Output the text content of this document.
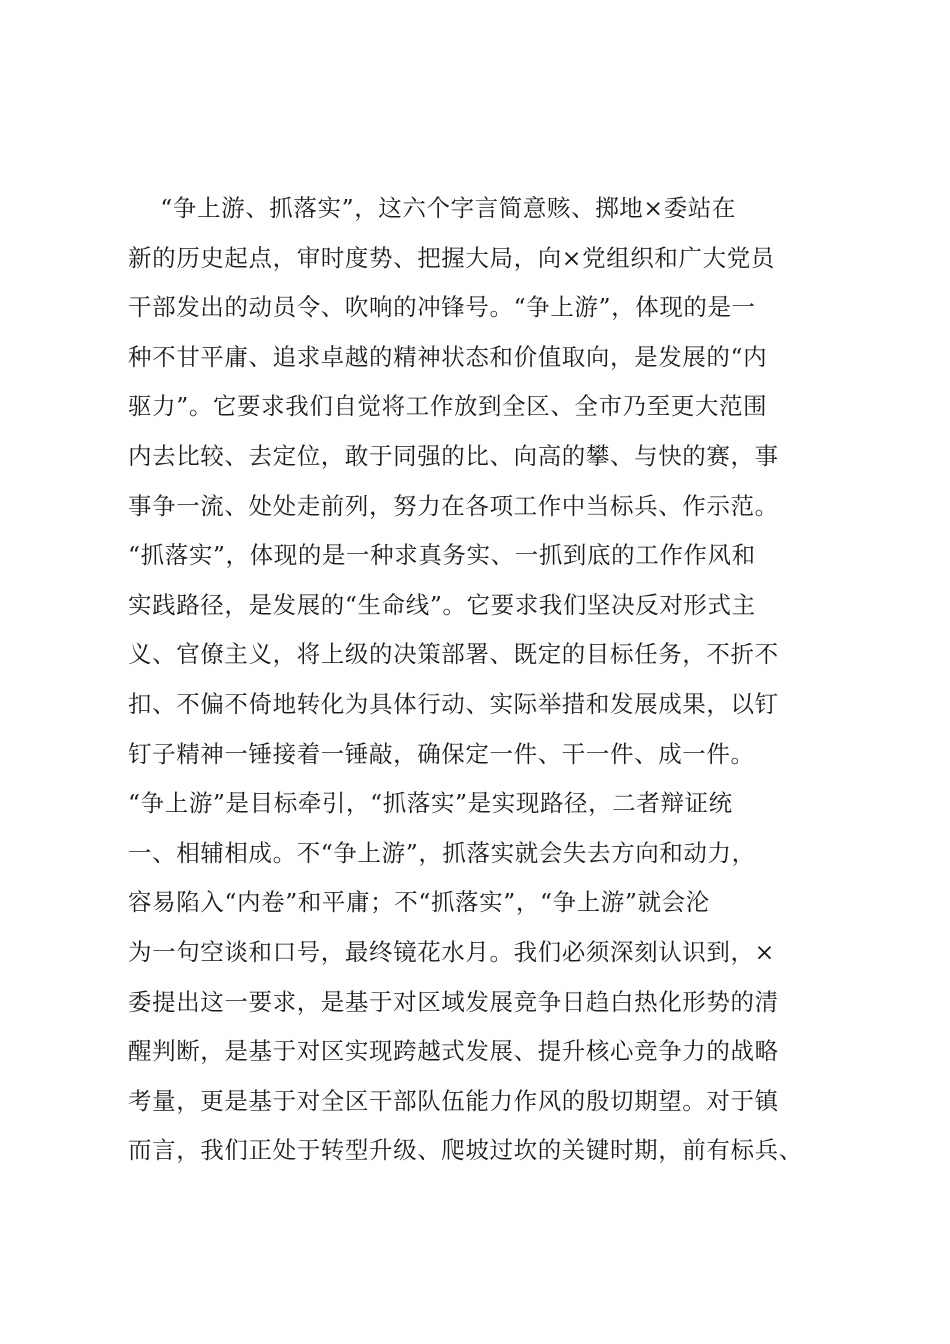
“争上游、抓落实”，这六个字言简意赅、掷地×委站在
新的历史起点，审时度势、把握大局，向×党组织和广大党员
干部发出的动员令、吹响的冲锋号。“争上游”，体现的是一
种不甘平庸、追求卓越的精神状态和价值取向，是发展的“内
驱力”。它要求我们自觉将工作放到全区、全市乃至更大范围
内去比较、去定位，敢于同强的比、向高的攀、与快的赛，事
事争一流、处处走前列，努力在各项工作中当标兵、作示范。
“抓落实”，体现的是一种求真务实、一抓到底的工作作风和
实践路径，是发展的“生命线”。它要求我们坚决反对形式主
义、官僚主义，将上级的决策部署、既定的目标任务，不折不
扣、不偏不倚地转化为具体行动、实际举措和发展成果，以钉
钉子精神一锤接着一锤敲，确保定一件、干一件、成一件。
“争上游”是目标牵引，“抓落实”是实现路径，二者辩证统
一、相辅相成。不“争上游”，抓落实就会失去方向和动力，
容易陷入“内卷”和平庸；不“抓落实”，“争上游”就会沦
为一句空谈和口号，最终镜花水月。我们必须深刻认识到，×
委提出这一要求，是基于对区域发展竞争日趋白热化形势的清
醒判断，是基于对区实现跨越式发展、提升核心竞争力的战略
考量，更是基于对全区干部队伍能力作风的殷切期望。对于镇
而言，我们正处于转型升级、爬坡过坎的关键时期，前有标兵、
